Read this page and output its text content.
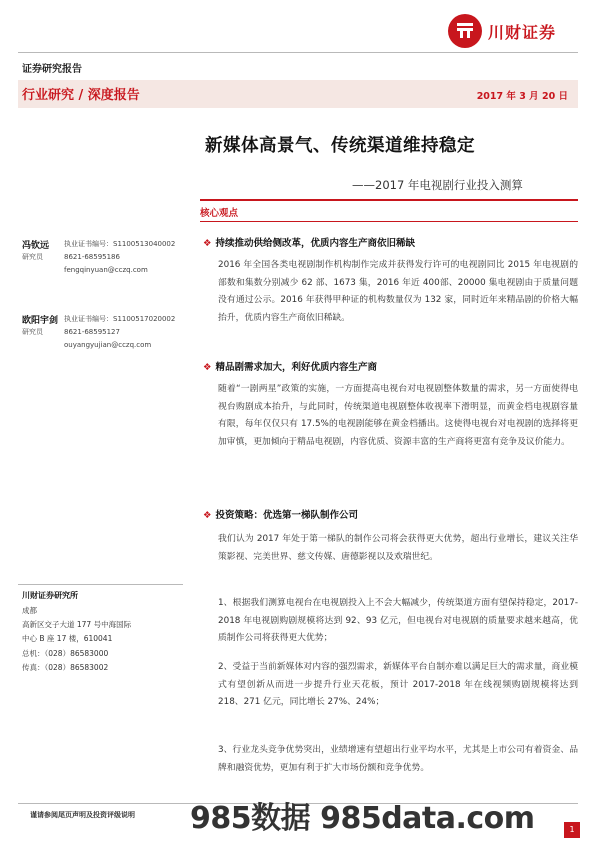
川财证券
证券研究报告
行业研究 / 深度报告	2017 年 3 月 20 日
新媒体高景气、传统渠道维持稳定
——2017 年电视剧行业投入测算
核心观点
冯钦远 执业证书编号：S1100513040002
研究员	8621-68595186
fengqinyuan@cczq.com
欧阳宇剑 执业证书编号：S1100517020002
研究员	8621-68595127
ouyangyujian@cczq.com
❖ 持续推动供给侧改革，优质内容生产商依旧稀缺
2016 年全国各类电视剧制作机构制作完成并获得发行许可的电视剧同比 2015 年电视剧的部数和集数分别减少 62 部、1673 集，2016 年近 400部、20000 集电视剧由于质量问题没有通过公示。2016 年获得甲种证的机构数量仅为 132 家，同时近年来精品剧的价格大幅抬升，优质内容生产商依旧稀缺。
❖ 精品剧需求加大，利好优质内容生产商
随着“一剧两星”政策的实施，一方面提高电视台对电视剧整体数量的需求，另一方面使得电视台购剧成本抬升，与此同时，传统渠道电视剧整体收视率下滑明显，而黄金档电视剧容量有限，每年仅仅只有 17.5%的电视剧能够在黄金档播出。这使得电视台对电视剧的选择将更加审慎，更加倾向于精品电视剧，内容优质、资源丰富的生产商将更富有竞争及议价能力。
❖ 投资策略：优选第一梯队制作公司
我们认为 2017 年处于第一梯队的制作公司将会获得更大优势，超出行业增长，建议关注华策影视、完美世界、慈文传媒、唐德影视以及欢瑞世纪。
1、根据我们测算电视台在电视剧投入上不会大幅减少，传统渠道方面有望保持稳定，2017-2018 年电视剧购剧规模将达到 92、93 亿元，但电视台对电视剧的质量要求越来越高，优质制作公司将获得更大优势；
2、受益于当前新媒体对内容的强烈需求，新媒体平台自制亦难以满足巨大的需求量，商业模式有望创新从而进一步提升行业天花板，预计 2017-2018 年在线视频购剧规模将达到 218、271 亿元，同比增长 27%、24%；
3、行业龙头竞争优势突出，业绩增速有望超出行业平均水平，尤其是上市公司有着资金、品牌和融资优势，更加有利于扩大市场份额和竞争优势。
川财证券研究所
成都
高新区交子大道 177 号中海国际
中心 B 座 17 楼，610041
总机：（028）86583000
传真：（028）86583002
谨请参阅尾页声明及投资评级说明 985数据 985data.com	1
